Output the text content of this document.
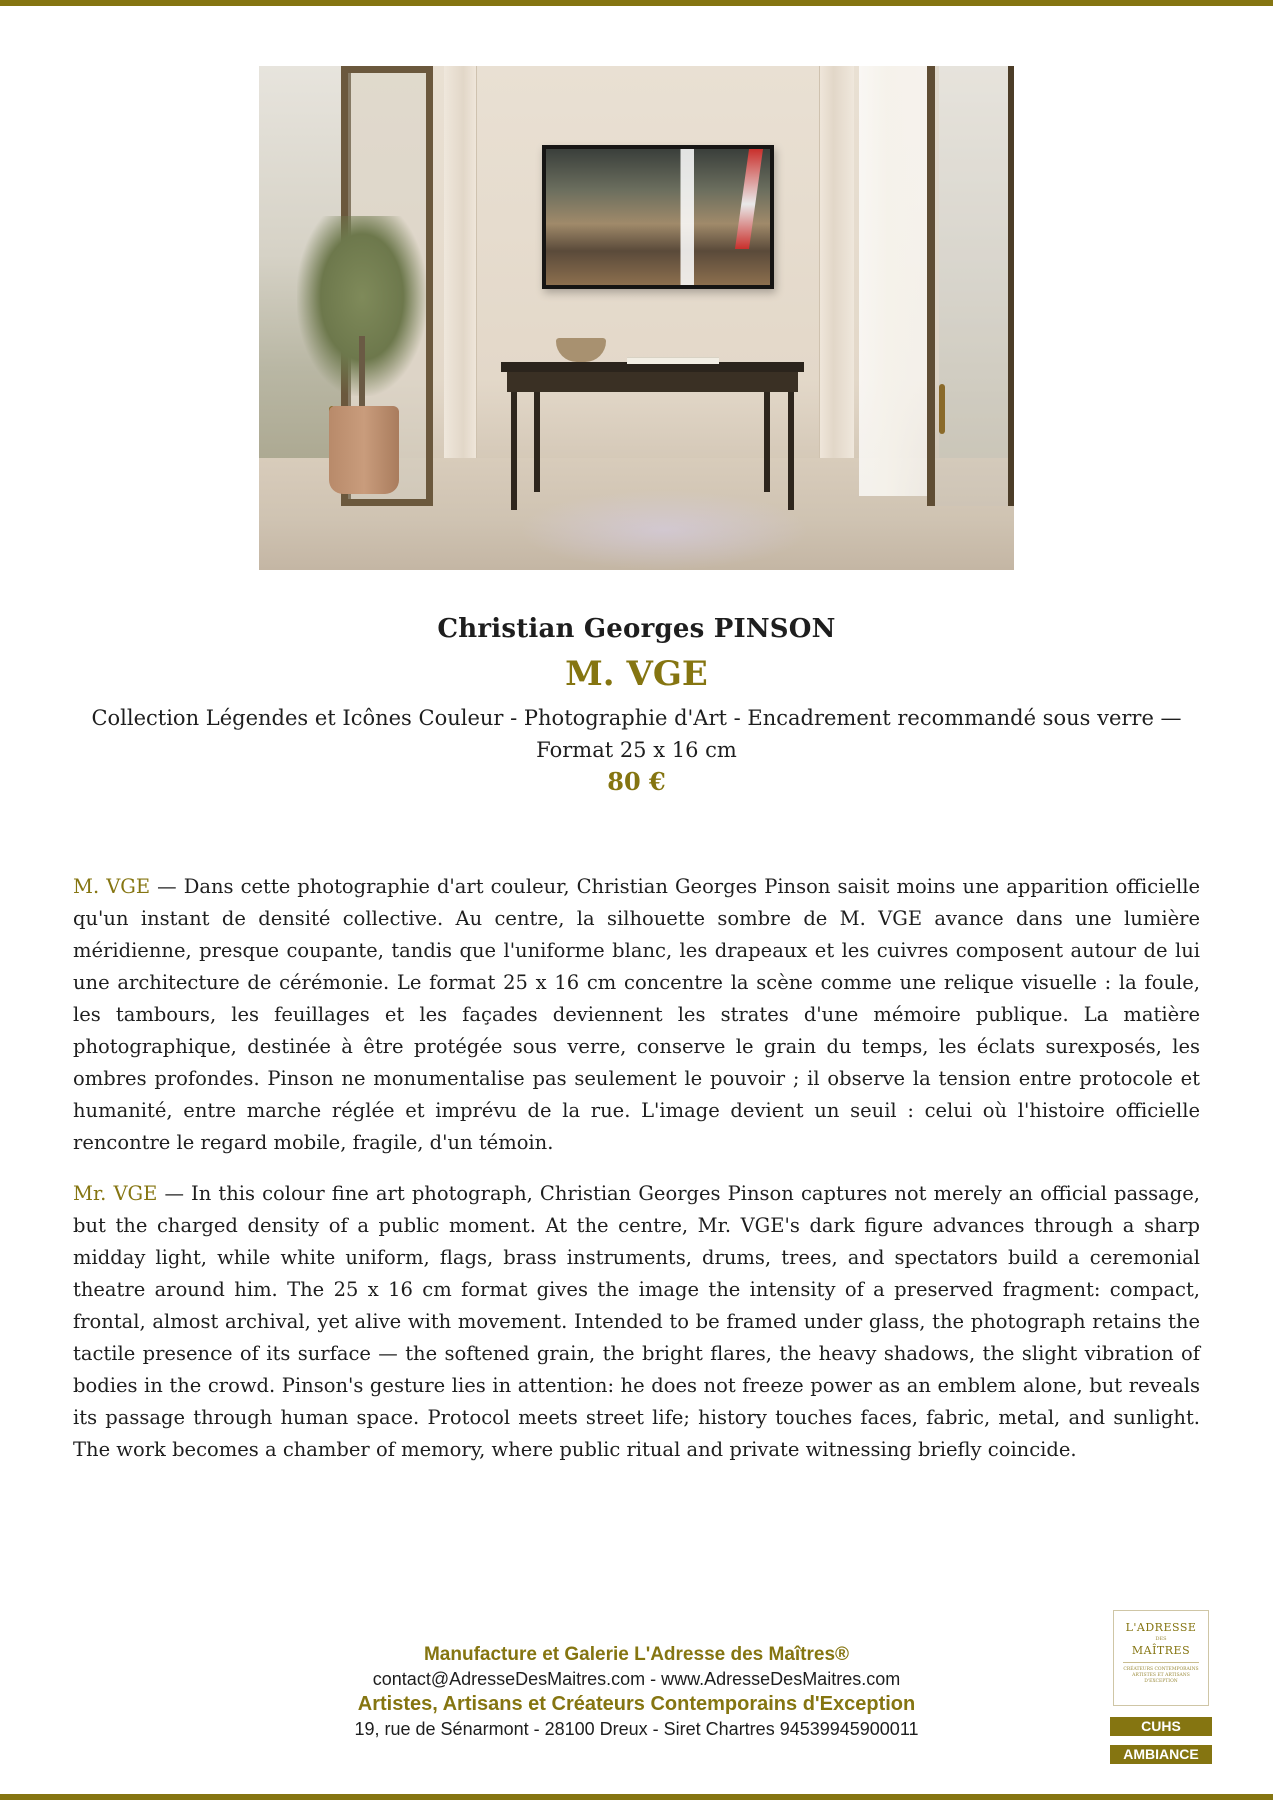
Christian Georges PINSON
M. VGE
Collection Légendes et Icônes Couleur - Photographie d'Art - Encadrement recommandé sous verre — Format 25 x 16 cm
80 €

M. VGE — Dans cette photographie d'art couleur, Christian Georges Pinson saisit moins une apparition officielle qu'un instant de densité collective. Au centre, la silhouette sombre de M. VGE avance dans une lumière méridienne, presque coupante, tandis que l'uniforme blanc, les drapeaux et les cuivres composent autour de lui une architecture de cérémonie. Le format 25 x 16 cm concentre la scène comme une relique visuelle : la foule, les tambours, les feuillages et les façades deviennent les strates d'une mémoire publique. La matière photographique, destinée à être protégée sous verre, conserve le grain du temps, les éclats surexposés, les ombres profondes. Pinson ne monumentalise pas seulement le pouvoir ; il observe la tension entre protocole et humanité, entre marche réglée et imprévu de la rue. L'image devient un seuil : celui où l'histoire officielle rencontre le regard mobile, fragile, d'un témoin.

Mr. VGE — In this colour fine art photograph, Christian Georges Pinson captures not merely an official passage, but the charged density of a public moment. At the centre, Mr. VGE's dark figure advances through a sharp midday light, while white uniform, flags, brass instruments, drums, trees, and spectators build a ceremonial theatre around him. The 25 x 16 cm format gives the image the intensity of a preserved fragment: compact, frontal, almost archival, yet alive with movement. Intended to be framed under glass, the photograph retains the tactile presence of its surface — the softened grain, the bright flares, the heavy shadows, the slight vibration of bodies in the crowd. Pinson's gesture lies in attention: he does not freeze power as an emblem alone, but reveals its passage through human space. Protocol meets street life; history touches faces, fabric, metal, and sunlight. The work becomes a chamber of memory, where public ritual and private witnessing briefly coincide.

Manufacture et Galerie L'Adresse des Maîtres®
contact@AdresseDesMaitres.com - www.AdresseDesMaitres.com
Artistes, Artisans et Créateurs Contemporains d'Exception
19, rue de Sénarmont - 28100 Dreux - Siret Chartres 94539945900011
L'ADRESSE
DES
MAÎTRES
CRÉATEURS CONTEMPORAINS ARTISTES ET ARTISANS D'EXCEPTION
CUHS
AMBIANCE
